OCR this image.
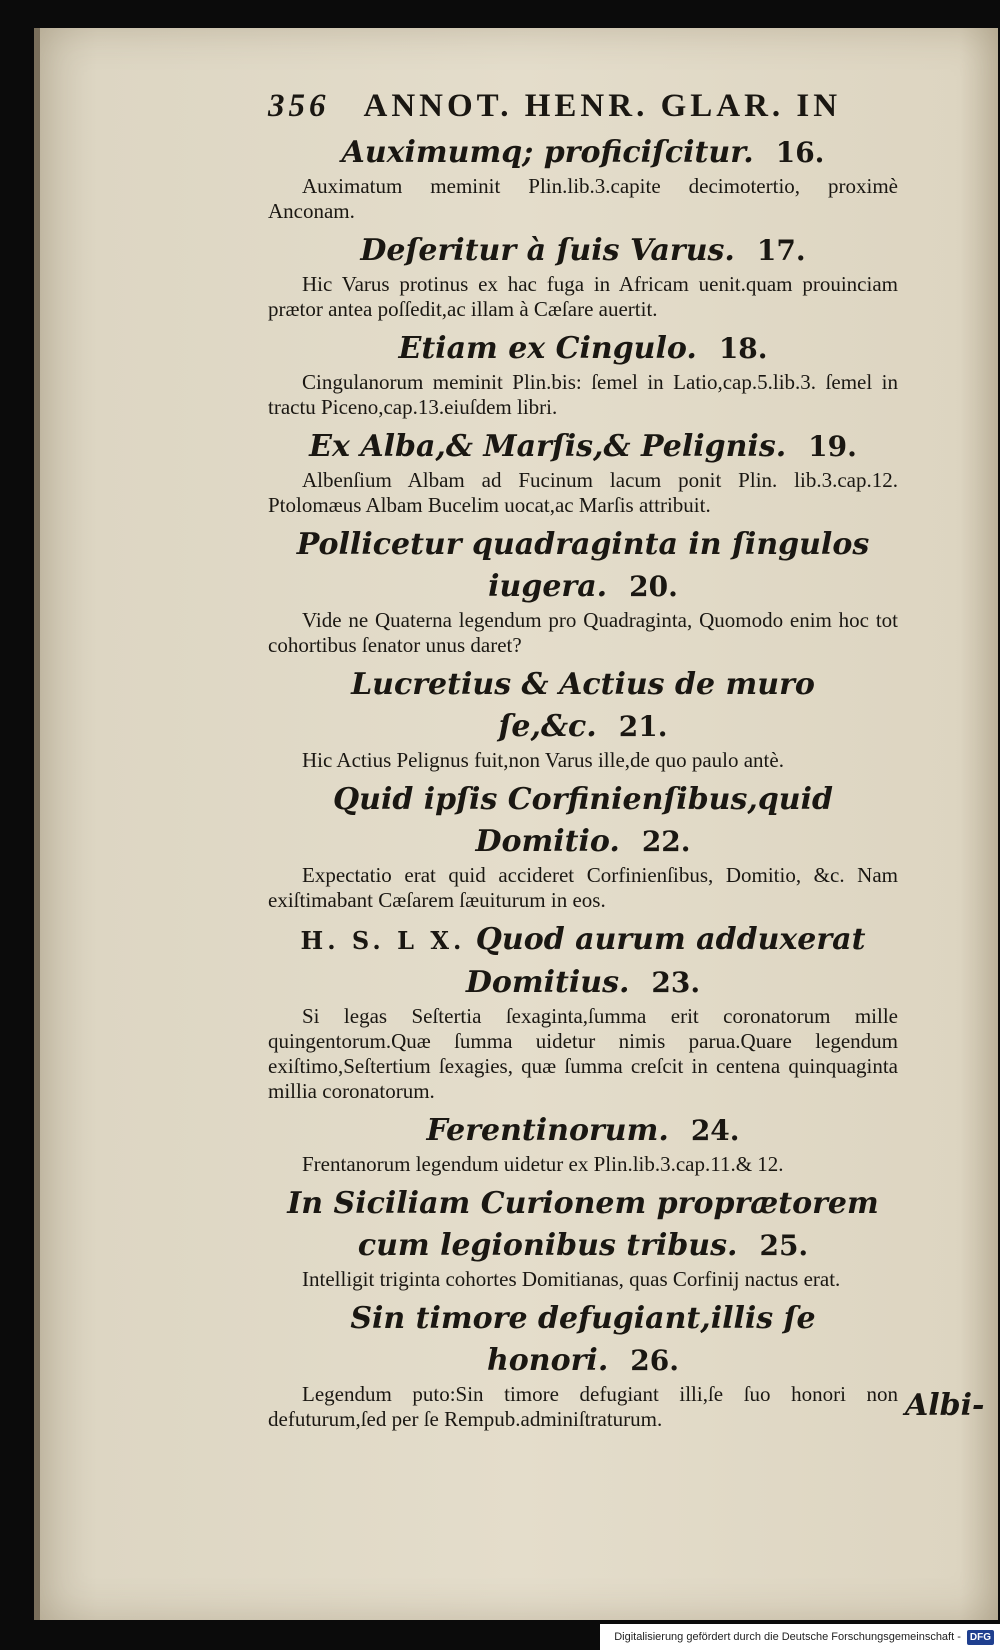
356 ANNOT. HENR. GLAR. IN
Auximumq; proficiſcitur. 16.

Auximatum meminit Plin.lib.3.capite decimotertio, proximè Anconam.

Deſeritur à ſuis Varus. 17.

Hic Varus protinus ex hac fuga in Africam uenit.quam prouinciam prætor antea poſſedit,ac illam à Cæſare auertit.

Etiam ex Cingulo. 18.

Cingulanorum meminit Plin.bis: ſemel in Latio,cap.5.lib.3. ſemel in tractu Piceno,cap.13.eiuſdem libri.

Ex Alba,& Marſis,& Pelignis. 19.

Albenſium Albam ad Fucinum lacum ponit Plin. lib.3.cap.12. Ptolomæus Albam Bucelim uocat,ac Marſis attribuit.

Pollicetur quadraginta in ſingulos iugera. 20.

Vide ne Quaterna legendum pro Quadraginta, Quomodo enim hoc tot cohortibus ſenator unus daret?

Lucretius & Actius de muro ſe,&c. 21.

Hic Actius Pelignus fuit,non Varus ille,de quo paulo antè.

Quid ipſis Corfinienſibus,quid Domitio. 22.

Expectatio erat quid accideret Corfinienſibus, Domitio, &c. Nam exiſtimabant Cæſarem ſæuiturum in eos.

H. S. L X. Quod aurum adduxerat Domitius. 23.

Si legas Seſtertia ſexaginta,ſumma erit coronatorum mille quingentorum.Quæ ſumma uidetur nimis parua.Quare legendum exiſtimo,Seſtertium ſexagies, quæ ſumma creſcit in centena quinquaginta millia coronatorum.

Ferentinorum. 24.

Frentanorum legendum uidetur ex Plin.lib.3.cap.11.& 12.

In Siciliam Curionem proprætorem cum legionibus tribus. 25.

Intelligit triginta cohortes Domitianas, quas Corfinij nactus erat.

Sin timore defugiant,illis ſe honori. 26.

Legendum puto:Sin timore defugiant illi,ſe ſuo honori non defuturum,ſed per ſe Rempub.adminiſtraturum.	Albi-
Digitalisierung gefördert durch die Deutsche Forschungsgemeinschaft - DFG
